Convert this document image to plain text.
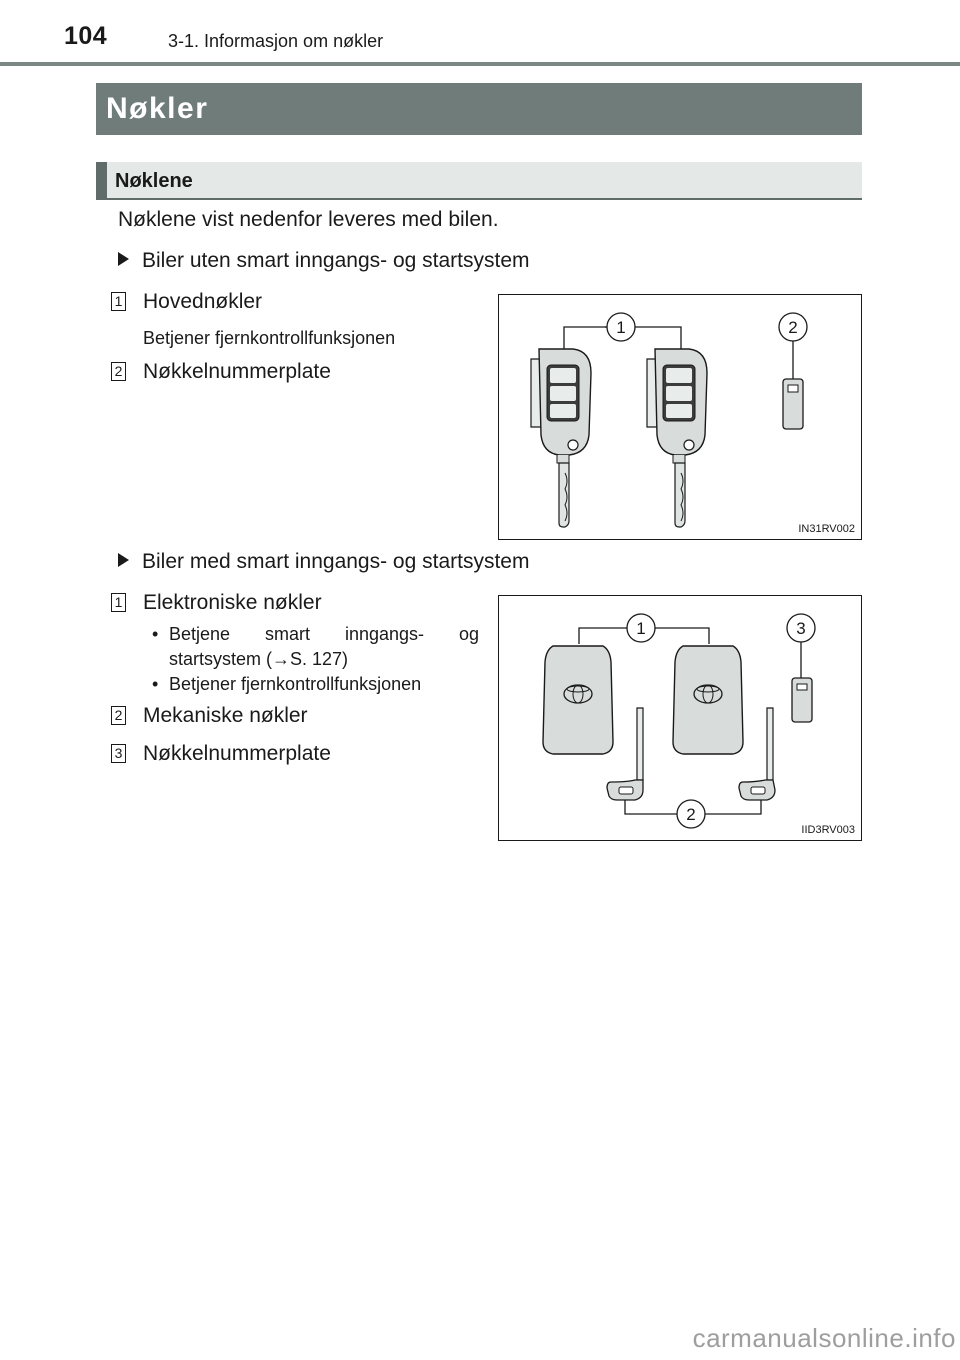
104	3-1. Informasjon om nøkler
Nøkler
Nøklene
Nøklene vist nedenfor leveres med bilen.
Biler uten smart inngangs- og startsystem
1 Hovednøkler
Betjener fjernkontrollfunksjonen
2 Nøkkelnummerplate
1	2
IN31RV002
Biler med smart inngangs- og startsystem
1 Elektroniske nøkler
• Betjene smart inngangs- og startsystem (→S. 127)
• Betjener fjernkontrollfunksjonen
2 Mekaniske nøkler
3 Nøkkelnummerplate
1	3
2
IID3RV003
carmanualsonline.info
